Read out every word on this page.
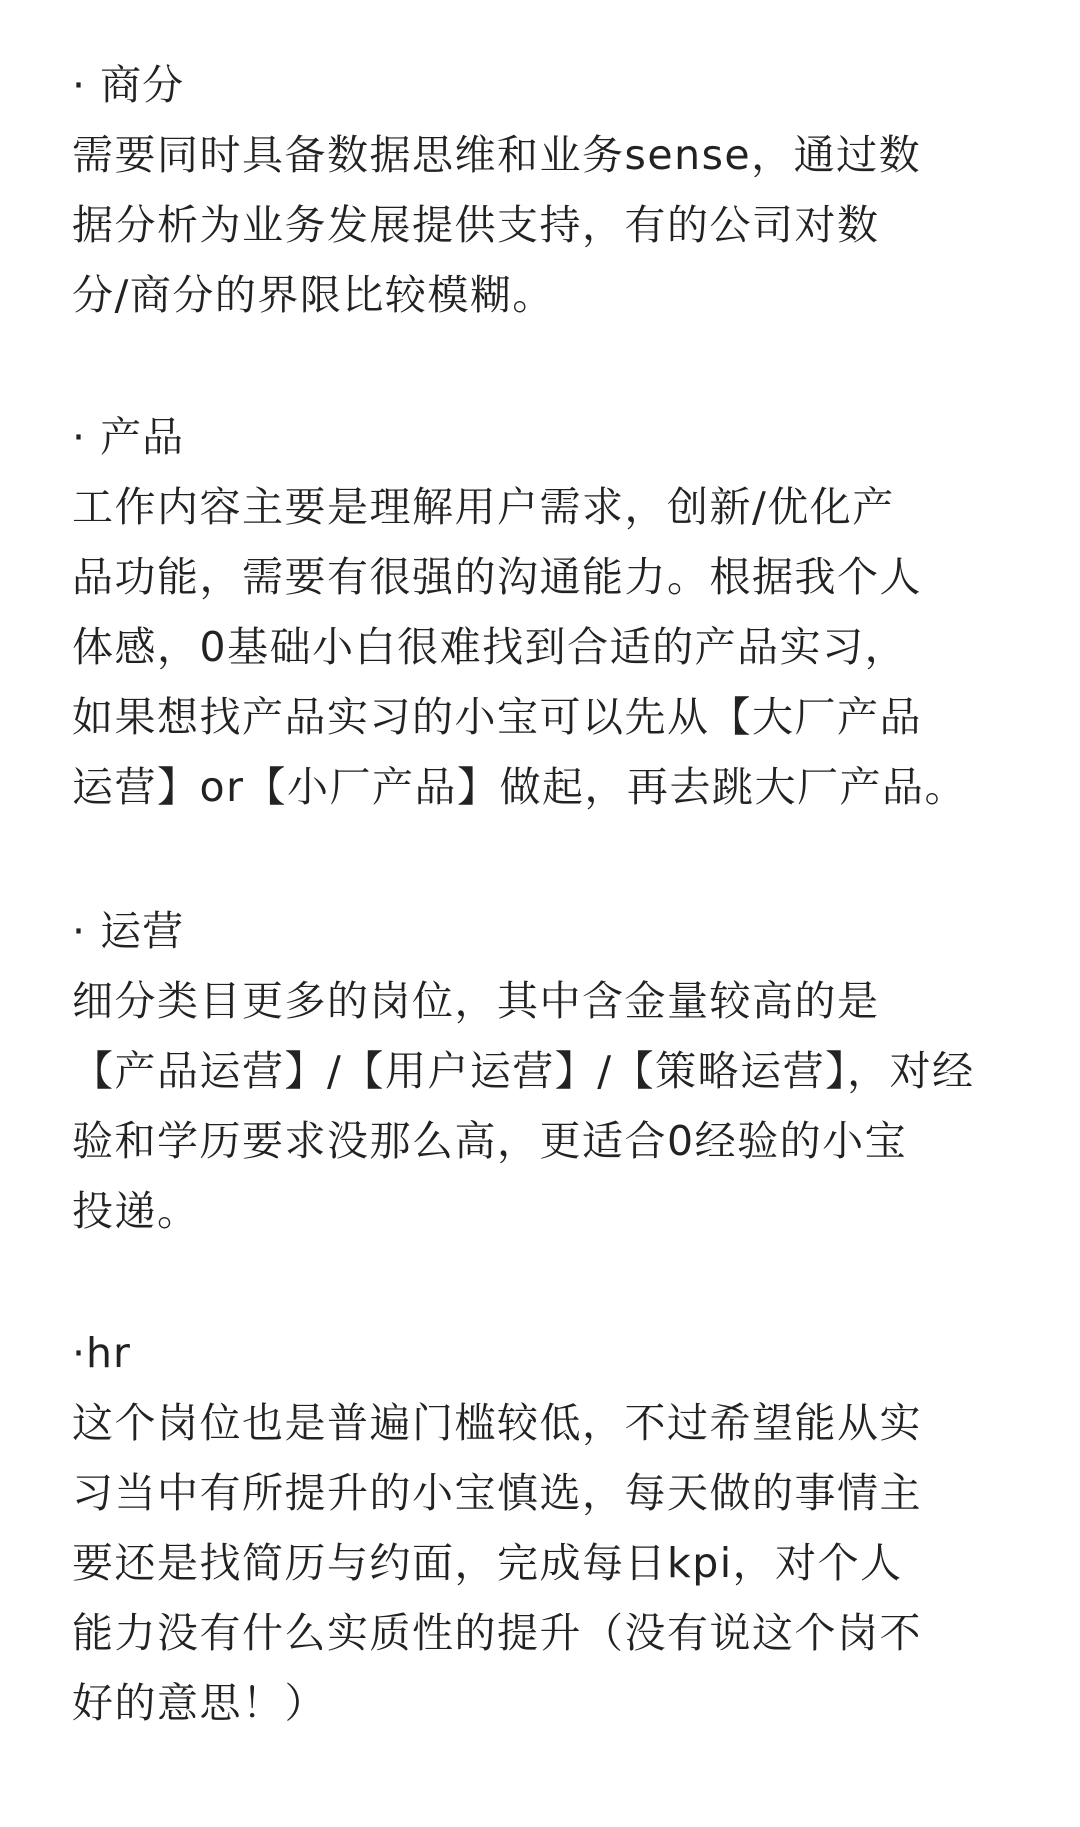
· 商分
需要同时具备数据思维和业务sense，通过数
据分析为业务发展提供支持，有的公司对数
分/商分的界限比较模糊。
· 产品
工作内容主要是理解用户需求，创新/优化产
品功能，需要有很强的沟通能力。根据我个人
体感，0基础小白很难找到合适的产品实习，
如果想找产品实习的小宝可以先从【大厂产品
运营】or【小厂产品】做起，再去跳大厂产品。
· 运营
细分类目更多的岗位，其中含金量较高的是
【产品运营】/【用户运营】/【策略运营】，对经
验和学历要求没那么高，更适合0经验的小宝
投递。
·hr
这个岗位也是普遍门槛较低，不过希望能从实
习当中有所提升的小宝慎选，每天做的事情主
要还是找简历与约面，完成每日kpi，对个人
能力没有什么实质性的提升（没有说这个岗不
好的意思！）
